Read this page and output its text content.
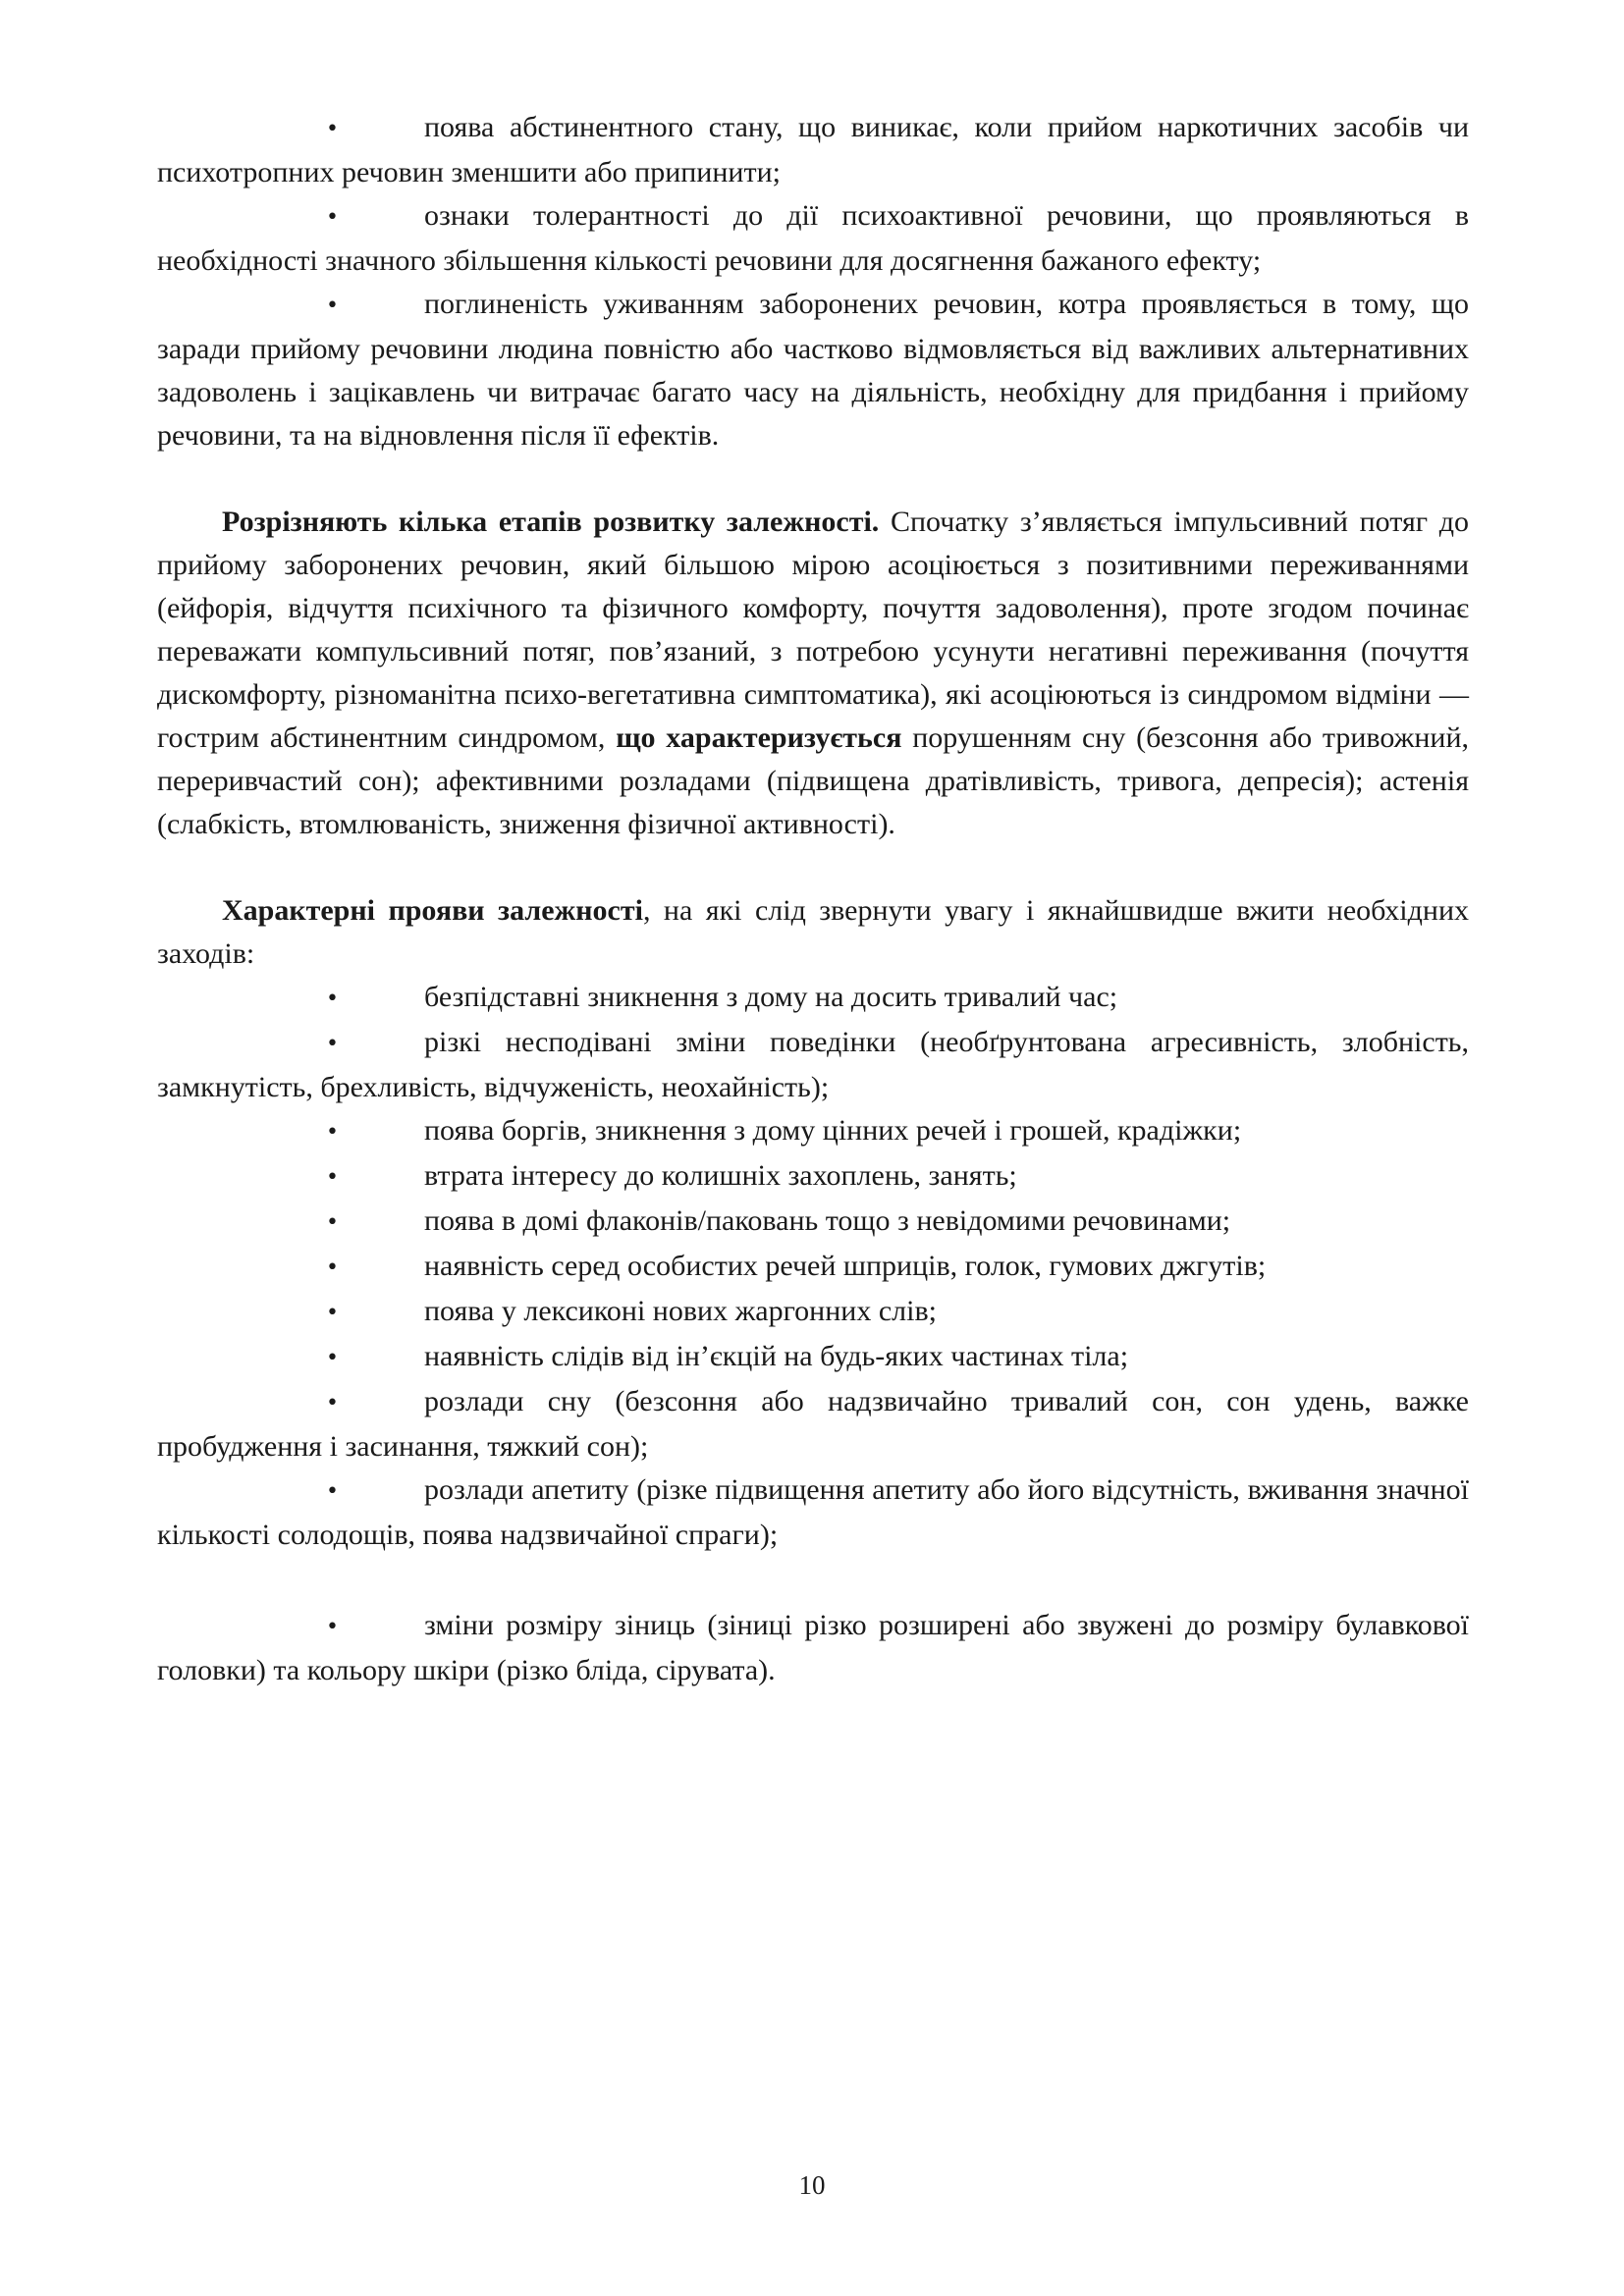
•	поява абстинентного стану, що виникає, коли прийом наркотичних засобів чи психотропних речовин зменшити або припинити;

•	ознаки толерантності до дії психоактивної речовини, що проявляються в необхідності значного збільшення кількості речовини для досягнення бажаного ефекту;

•	поглиненість уживанням заборонених речовин, котра проявляється в тому, що заради прийому речовини людина повністю або частково відмовляється від важливих альтернативних задоволень і зацікавлень чи витрачає багато часу на діяльність, необхідну для придбання і прийому речовини, та на відновлення після її ефектів.

Розрізняють кілька етапів розвитку залежності. Спочатку з’являється імпульсивний потяг до прийому заборонених речовин, який більшою мірою асоціюється з позитивними переживаннями (ейфорія, відчуття психічного та фізичного комфорту, почуття задоволення), проте згодом починає переважати компульсивний потяг, пов’язаний, з потребою усунути негативні переживання (почуття дискомфорту, різноманітна психо-вегетативна симптоматика), які асоціюються із синдромом відміни — гострим абстинентним синдромом, що характеризується порушенням сну (безсоння або тривожний, переривчастий сон); афективними розладами (підвищена дратівливість, тривога, депресія); астенія (слабкість, втомлюваність, зниження фізичної активності).

Характерні прояви залежності, на які слід звернути увагу і якнайшвидше вжити необхідних заходів:

•	безпідставні зникнення з дому на досить тривалий час;

•	різкі несподівані зміни поведінки (необґрунтована агресивність, злобність, замкнутість, брехливість, відчуженість, неохайність);

•	поява боргів, зникнення з дому цінних речей і грошей, крадіжки;

•	втрата інтересу до колишніх захоплень, занять;

•	поява в домі флаконів/паковань тощо з невідомими речовинами;

•	наявність серед особистих речей шприців, голок, гумових джгутів;

•	поява у лексиконі нових жаргонних слів;

•	наявність слідів від ін’єкцій на будь-яких частинах тіла;

•	розлади сну (безсоння або надзвичайно тривалий сон, сон удень, важке пробудження і засинання, тяжкий сон);

•	розлади апетиту (різке підвищення апетиту або його відсутність, вживання значної кількості солодощів, поява надзвичайної спраги);

•	зміни розміру зіниць (зіниці різко розширені або звужені до розміру булавкової головки) та кольору шкіри (різко бліда, сірувата).

10
